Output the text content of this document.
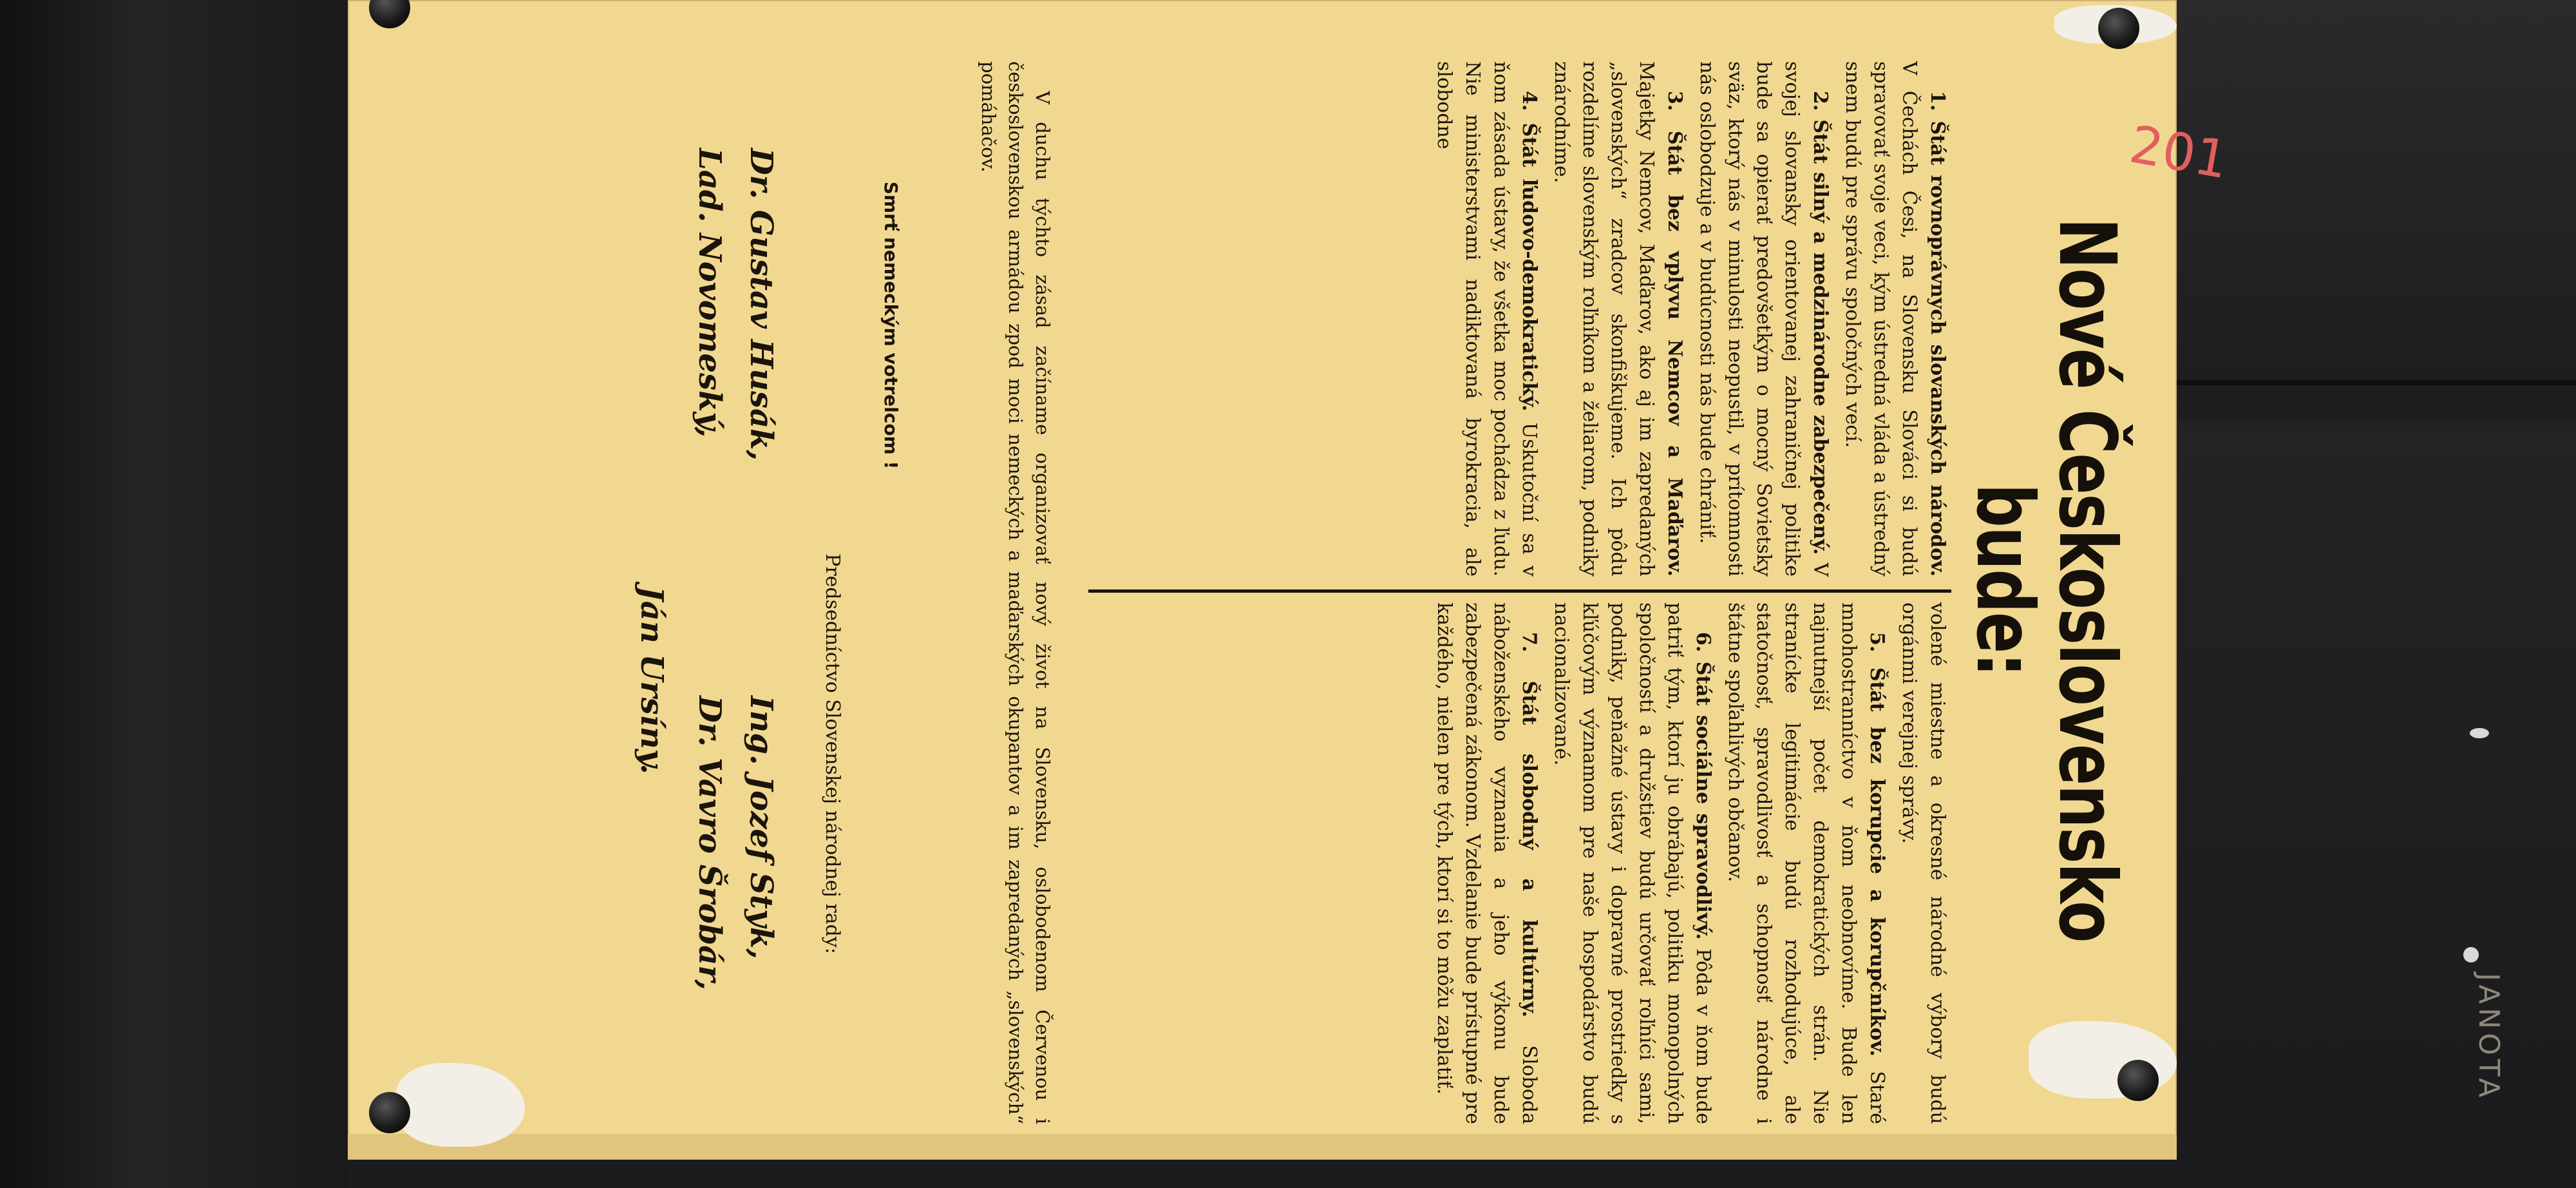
Nové Československo bude:

1. Štát rovnoprávnych slovanských národov. V Čechách Česi, na Slovensku Slováci si budú spravovať svoje veci, kým ústredná vláda a ústredný snem budú pre správu spoločných vecí.

2. Štát silný a medzinárodne zabezpečený. V svojej slovansky orientovanej zahraničnej politike bude sa opierať predovšetkým o mocný Sovietsky sväz, ktorý nás v minulosti neopustil, v prítomnosti nás oslobodzuje a v budúcnosti nás bude chrániť.

3. Štát bez vplyvu Nemcov a Maďarov. Majetky Nemcov, Maďarov, ako aj im zapredaných „slovenských“ zradcov skonfiškujeme. Ich pôdu rozdelíme slovenským roľníkom a želiarom, podniky znárodníme.

4. Štát ľudovo-demokratický. Uskutoční sa v ňom zásada ústavy, že všetka moc pochádza z ľudu. Nie ministerstvami nadiktovaná byrokracia, ale slobodne

volené miestne a okresné národné výbory budú orgánmi verejnej správy.

5. Štát bez korupcie a korupčníkov. Staré mnohostranníctvo v ňom neobnovíme. Bude len najnutnejší počet demokratických strán. Nie stranícke legitimácie budú rozhodujúce, ale statočnosť, spravodlivosť a schopnosť národne i štátne spoľahlivých občanov.

6. Štát sociálne spravodlivý. Pôda v ňom bude patriť tým, ktorí ju obrábajú, politiku monopolných spoločností a družstiev budú určovať roľníci sami, podniky, peňažné ústavy i dopravné prostriedky s kľúčovým významom pre naše hospodárstvo budú nacionalizované.

7. Štát slobodný a kultúrny. Sloboda náboženského vyznania a jeho výkonu bude zabezpečená zákonom. Vzdelanie bude prístupné pre každého, nielen pre tých, ktorí si to môžu zaplatiť.

V duchu týchto zásad začíname organizovať nový život na Slovensku, oslobodenom Červenou i československou armádou zpod moci nemeckých a maďarských okupantov a im zapredaných „slovenských“ pomáhačov.

Smrť nemeckým votrelcom !
Predsedníctvo Slovenskej národnej rady:
Dr. Gustav Husák,
Lad. Novomeský,
Ing. Jozef Styk,
Dr. Vavro Šrobár,
Ján Ursíny.
201
JANOTA
